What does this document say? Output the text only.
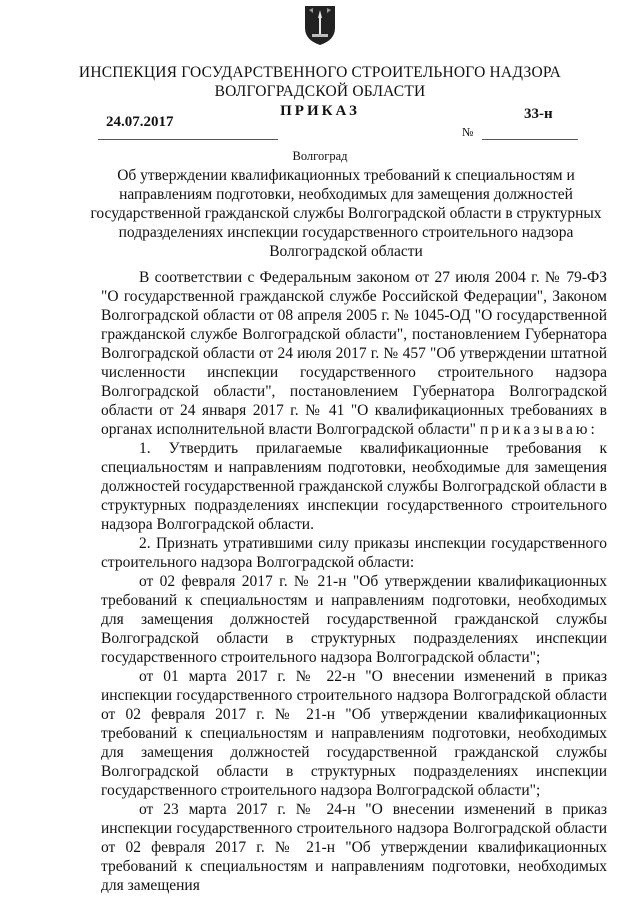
ИНСПЕКЦИЯ ГОСУДАРСТВЕННОГО СТРОИТЕЛЬНОГО НАДЗОРА
ВОЛГОГРАДСКОЙ ОБЛАСТИ
ПРИКАЗ
24.07.2017	33-н
№
Волгоград
Об утверждении квалификационных требований к специальностям и направлениям подготовки, необходимых для замещения должностей государственной гражданской службы Волгоградской области в структурных подразделениях инспекции государственного строительного надзора Волгоградской области

В соответствии с Федеральным законом от 27 июля 2004 г. № 79-ФЗ "О государственной гражданской службе Российской Федерации", Законом Волгоградской области от 08 апреля 2005 г. № 1045-ОД "О государственной гражданской службе Волгоградской области", постановлением Губернатора Волгоградской области от 24 июля 2017 г. № 457 "Об утверждении штатной численности инспекции государственного строительного надзора Волгоградской области", постановлением Губернатора Волгоградской области от 24 января 2017 г. № 41 "О квалификационных требованиях в органах исполнительной власти Волгоградской области" приказываю:

1. Утвердить прилагаемые квалификационные требования к специальностям и направлениям подготовки, необходимые для замещения должностей государственной гражданской службы Волгоградской области в структурных подразделениях инспекции государственного строительного надзора Волгоградской области.

2. Признать утратившими силу приказы инспекции государственного строительного надзора Волгоградской области:

от 02 февраля 2017 г. № 21-н "Об утверждении квалификационных требований к специальностям и направлениям подготовки, необходимых для замещения должностей государственной гражданской службы Волгоградской области в структурных подразделениях инспекции государственного строительного надзора Волгоградской области";

от 01 марта 2017 г. № 22-н "О внесении изменений в приказ инспекции государственного строительного надзора Волгоградской области от 02 февраля 2017 г. № 21-н "Об утверждении квалификационных требований к специальностям и направлениям подготовки, необходимых для замещения должностей государственной гражданской службы Волгоградской области в структурных подразделениях инспекции государственного строительного надзора Волгоградской области";

от 23 марта 2017 г. № 24-н "О внесении изменений в приказ инспекции государственного строительного надзора Волгоградской области от 02 февраля 2017 г. № 21-н "Об утверждении квалификационных требований к специальностям и направлениям подготовки, необходимых для замещения
